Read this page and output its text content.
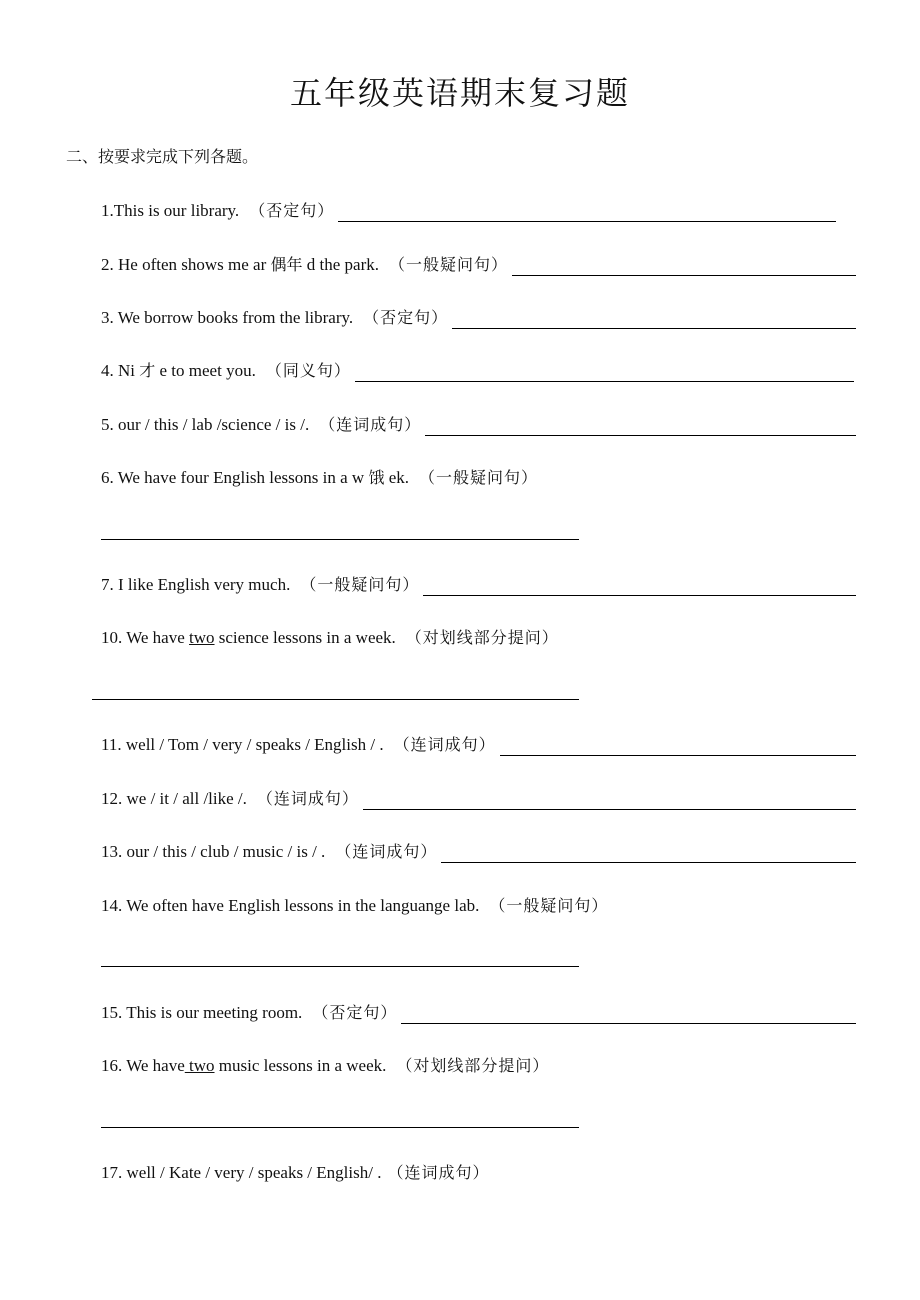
五年级英语期末复习题
二、按要求完成下列各题。
1.This is our library. （否定句）
2. He often shows me ar 偶年 d the park. （一般疑问句）
3. We borrow books from the library. （否定句）
4. Ni 才 e to meet you. （同义句）
5. our / this / lab /science / is /. （连词成句）
6. We have four English lessons in a w 饿 ek. （一般疑问句）
7. I like English very much. （一般疑问句）
10. We have two science lessons in a week. （对划线部分提问）
11. well / Tom / very / speaks / English / . （连词成句）
12. we / it / all /like /. （连词成句）
13. our / this / club / music / is / . （连词成句）
14. We often have English lessons in the languange lab. （一般疑问句）
15. This is our meeting room. （否定句）
16. We have two music lessons in a week. （对划线部分提问）
17. well / Kate / very / speaks / English/ . （连词成句）
